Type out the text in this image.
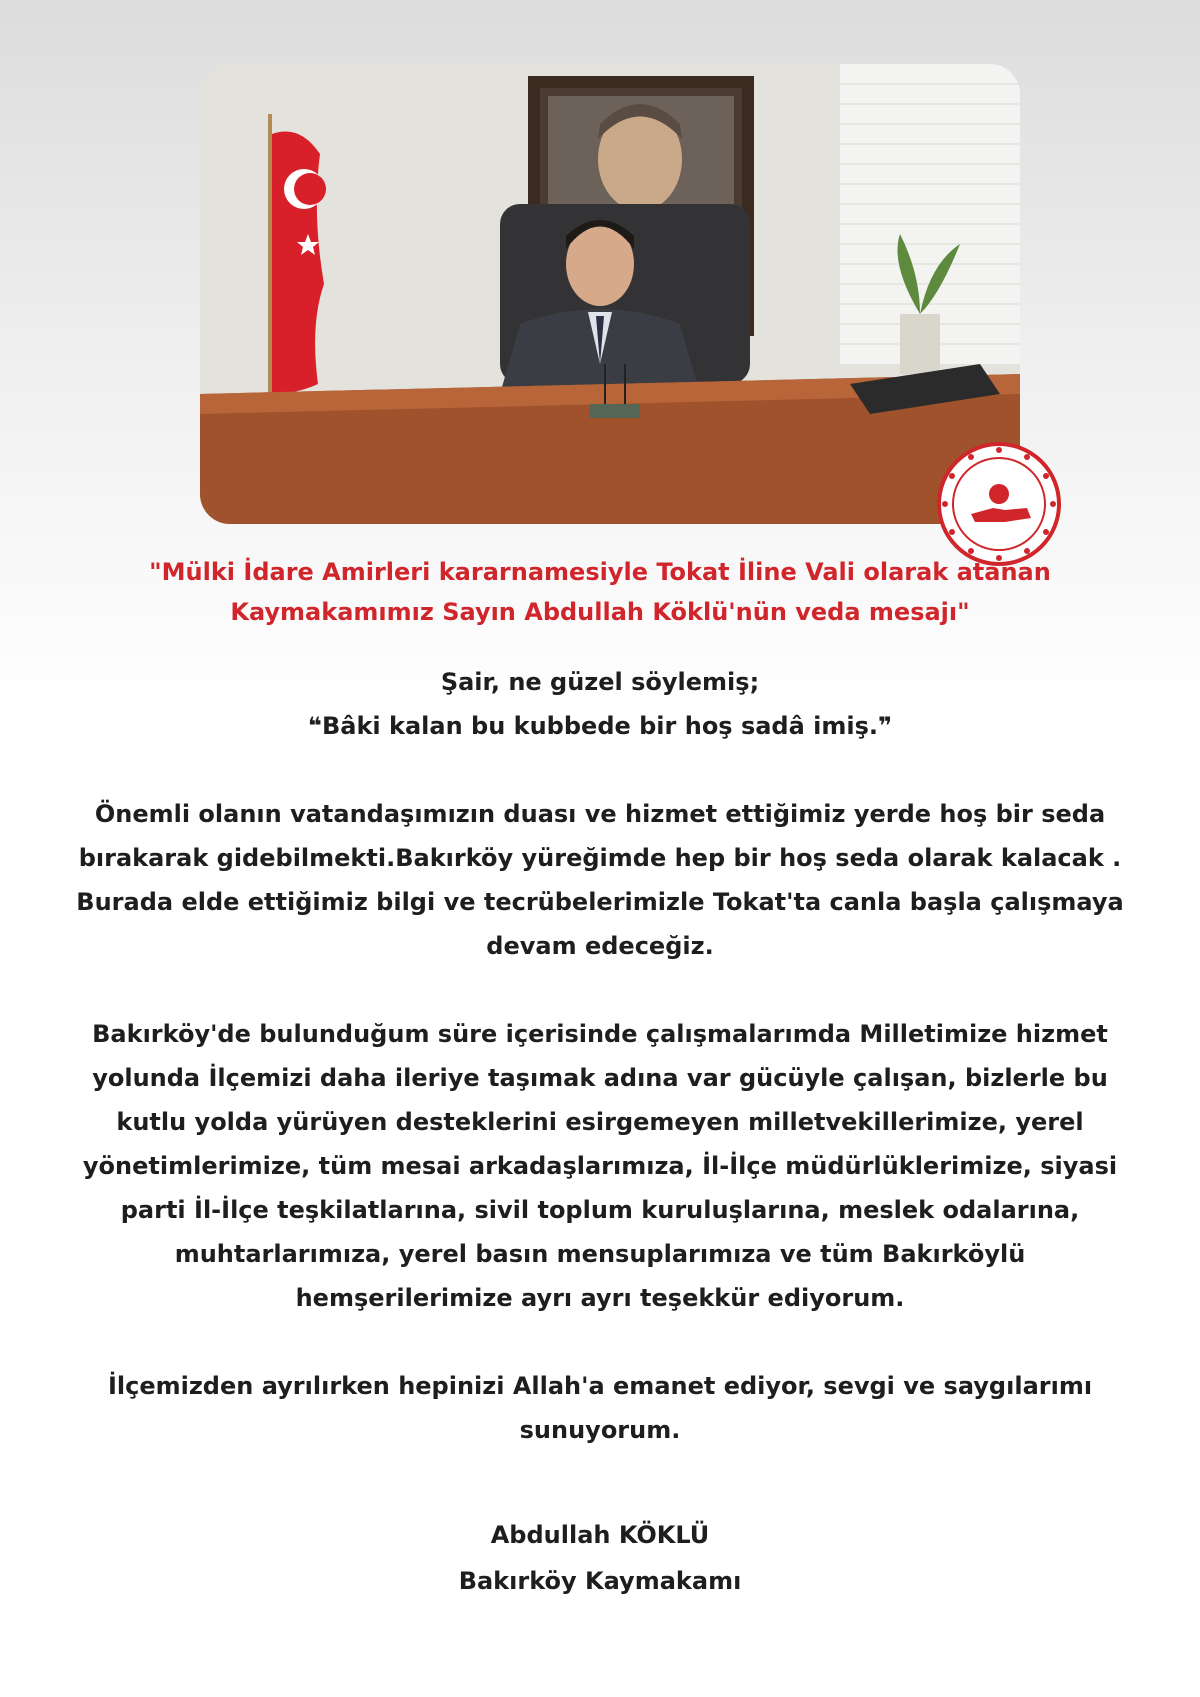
"Mülki İdare Amirleri kararnamesiyle Tokat İline Vali olarak atanan
Kaymakamımız Sayın Abdullah Köklü'nün veda mesajı"
Şair, ne güzel söylemiş;
❝Bâki kalan bu kubbede bir hoş sadâ imiş.❞
Önemli olanın vatandaşımızın duası ve hizmet ettiğimiz yerde hoş bir seda
bırakarak gidebilmekti.Bakırköy yüreğimde hep bir hoş seda olarak kalacak .
Burada elde ettiğimiz bilgi ve tecrübelerimizle Tokat'ta canla başla çalışmaya
devam edeceğiz.
Bakırköy'de bulunduğum süre içerisinde çalışmalarımda Milletimize hizmet
yolunda İlçemizi daha ileriye taşımak adına var gücüyle çalışan, bizlerle bu
kutlu yolda yürüyen desteklerini esirgemeyen milletvekillerimize, yerel
yönetimlerimize, tüm mesai arkadaşlarımıza, İl-İlçe müdürlüklerimize, siyasi
parti İl-İlçe teşkilatlarına, sivil toplum kuruluşlarına, meslek odalarına,
muhtarlarımıza, yerel basın mensuplarımıza ve tüm Bakırköylü
hemşerilerimize ayrı ayrı teşekkür ediyorum.
İlçemizden ayrılırken hepinizi Allah'a emanet ediyor, sevgi ve saygılarımı
sunuyorum.
Abdullah KÖKLÜ
Bakırköy Kaymakamı
